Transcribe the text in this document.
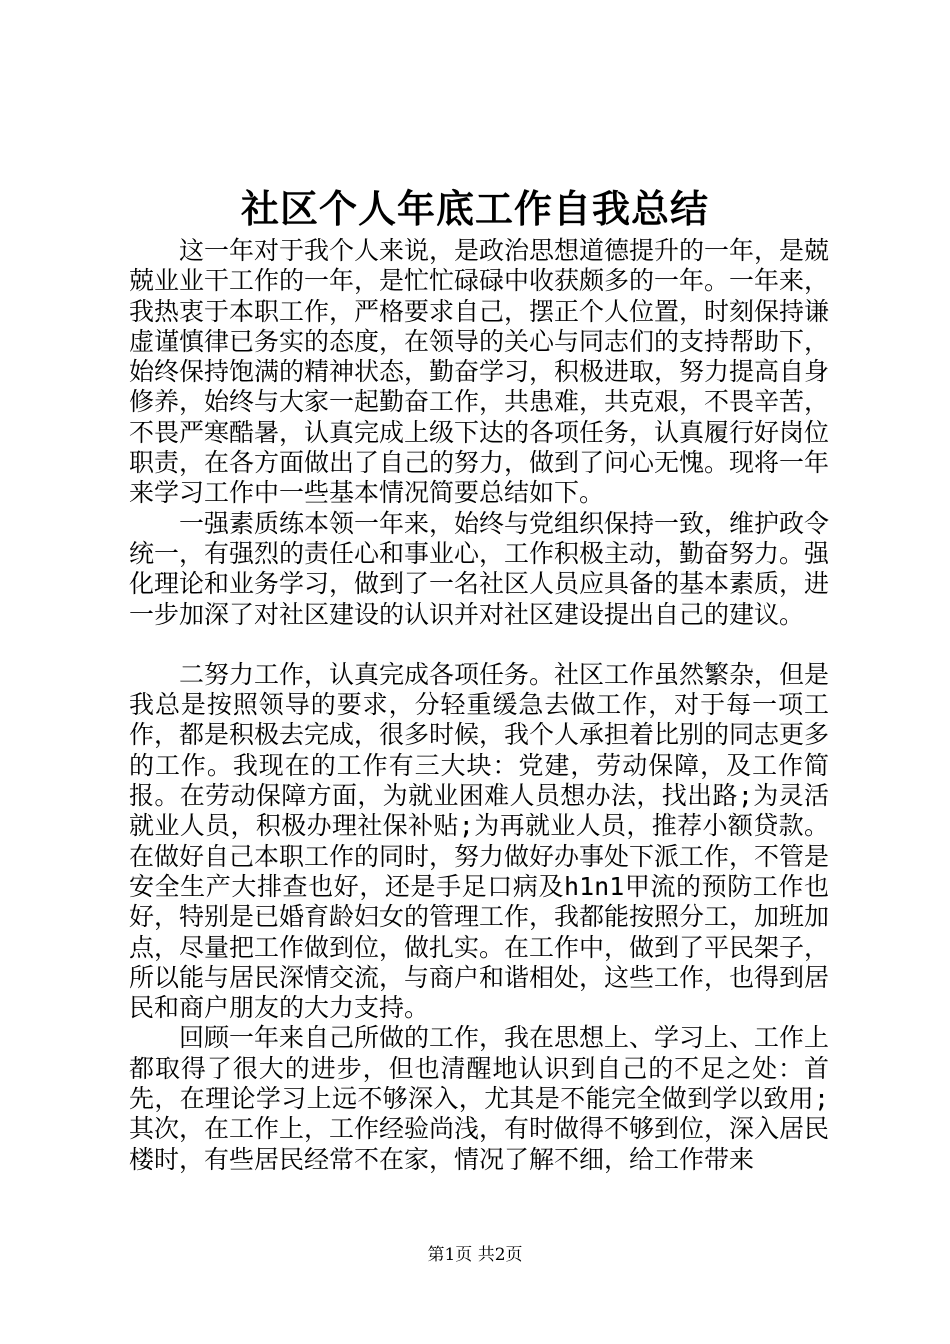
社区个人年底工作自我总结

这一年对于我个人来说，是政治思想道德提升的一年，是兢兢业业干工作的一年，是忙忙碌碌中收获颇多的一年。一年来，我热衷于本职工作，严格要求自己，摆正个人位置，时刻保持谦虚谨慎律已务实的态度，在领导的关心与同志们的支持帮助下，始终保持饱满的精神状态，勤奋学习，积极进取，努力提高自身修养，始终与大家一起勤奋工作，共患难，共克艰，不畏辛苦，不畏严寒酷暑，认真完成上级下达的各项任务，认真履行好岗位职责，在各方面做出了自己的努力，做到了问心无愧。现将一年来学习工作中一些基本情况简要总结如下。

一强素质练本领一年来，始终与党组织保持一致，维护政令统一，有强烈的责任心和事业心，工作积极主动，勤奋努力。强化理论和业务学习，做到了一名社区人员应具备的基本素质，进一步加深了对社区建设的认识并对社区建设提出自己的建议。

二努力工作，认真完成各项任务。社区工作虽然繁杂，但是我总是按照领导的要求，分轻重缓急去做工作，对于每一项工作，都是积极去完成，很多时候，我个人承担着比别的同志更多的工作。我现在的工作有三大块：党建，劳动保障，及工作简报。在劳动保障方面，为就业困难人员想办法，找出路;为灵活就业人员，积极办理社保补贴;为再就业人员，推荐小额贷款。在做好自己本职工作的同时，努力做好办事处下派工作，不管是安全生产大排查也好，还是手足口病及h1n1甲流的预防工作也好，特别是已婚育龄妇女的管理工作，我都能按照分工，加班加点，尽量把工作做到位，做扎实。在工作中，做到了平民架子，所以能与居民深情交流，与商户和谐相处，这些工作，也得到居民和商户朋友的大力支持。

回顾一年来自己所做的工作，我在思想上、学习上、工作上都取得了很大的进步，但也清醒地认识到自己的不足之处：首先，在理论学习上远不够深入，尤其是不能完全做到学以致用;其次，在工作上，工作经验尚浅，有时做得不够到位，深入居民楼时，有些居民经常不在家，情况了解不细，给工作带来

第1页 共2页
